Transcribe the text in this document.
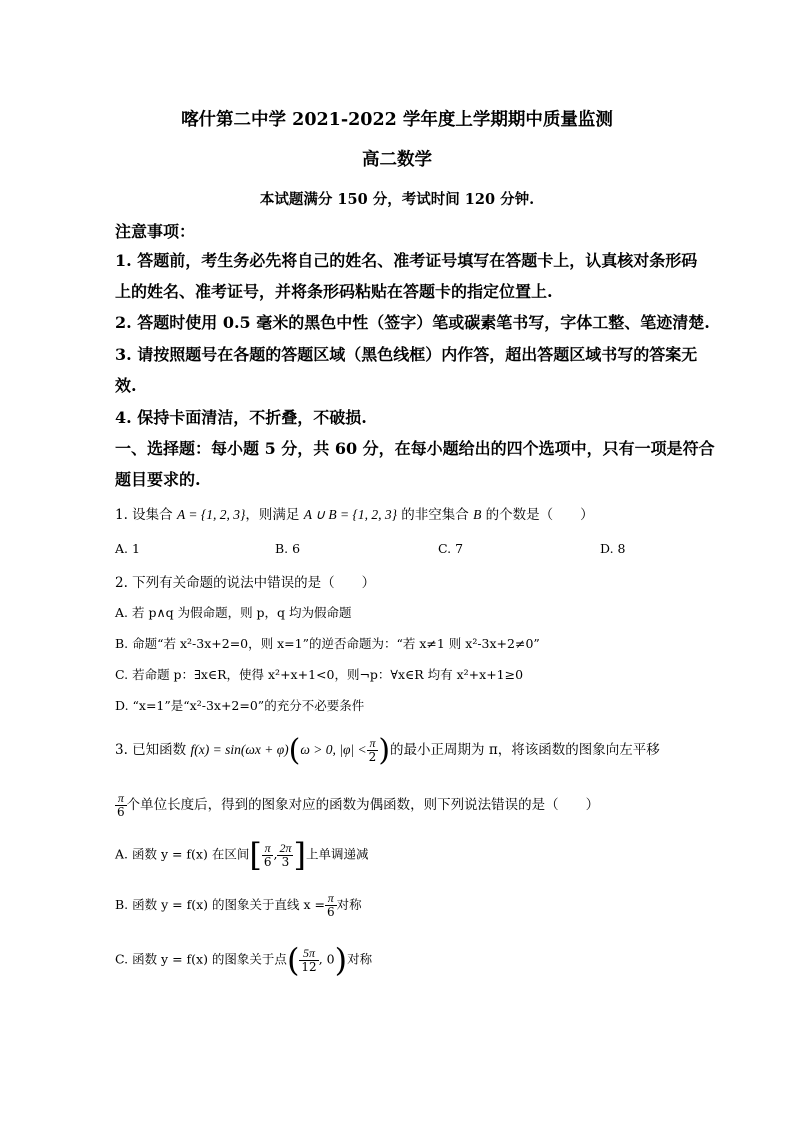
喀什第二中学 2021-2022 学年度上学期期中质量监测
高二数学
本试题满分 150 分，考试时间 120 分钟.
注意事项：
1. 答题前，考生务必先将自己的姓名、准考证号填写在答题卡上，认真核对条形码
上的姓名、准考证号，并将条形码粘贴在答题卡的指定位置上.
2. 答题时使用 0.5 毫米的黑色中性（签字）笔或碳素笔书写，字体工整、笔迹清楚.
3. 请按照题号在各题的答题区域（黑色线框）内作答，超出答题区域书写的答案无
效.
4. 保持卡面清洁，不折叠，不破损.
一、选择题：每小题 5 分，共 60 分，在每小题给出的四个选项中，只有一项是符合
题目要求的.
1. 设集合 A = {1, 2, 3}，则满足 A ∪ B = {1, 2, 3} 的非空集合 B 的个数是（　　）
A. 1	B. 6	C. 7	D. 8
2. 下列有关命题的说法中错误的是（　　）
A. 若 p∧q 为假命题，则 p，q 均为假命题
B. 命题“若 x²-3x+2=0，则 x=1”的逆否命题为：“若 x≠1 则 x²-3x+2≠0”
C. 若命题 p：∃x∈R，使得 x²+x+1<0，则¬p：∀x∈R 均有 x²+x+1≥0
D. “x=1”是“x²-3x+2=0”的充分不必要条件
3. 已知函数 f(x) = sin(ωx + φ)(ω > 0, $|\varphi| < \frac{\pi}{2}$ )的最小正周期为 π，将该函数的图象向左平移
$\frac{\pi}{6}$ 个单位长度后，得到的图象对应的函数为偶函数，则下列说法错误的是（　　）
A. 函数 y = f(x) 在区间[ $\frac{\pi}{6}$ , $\frac{2\pi}{3}$ ]上单调递减
B. 函数 y = f(x) 的图象关于直线 $x = \frac{\pi}{6}$ 对称
C. 函数 y = f(x) 的图象关于点( $\frac{5\pi}{12}$ , 0)对称
